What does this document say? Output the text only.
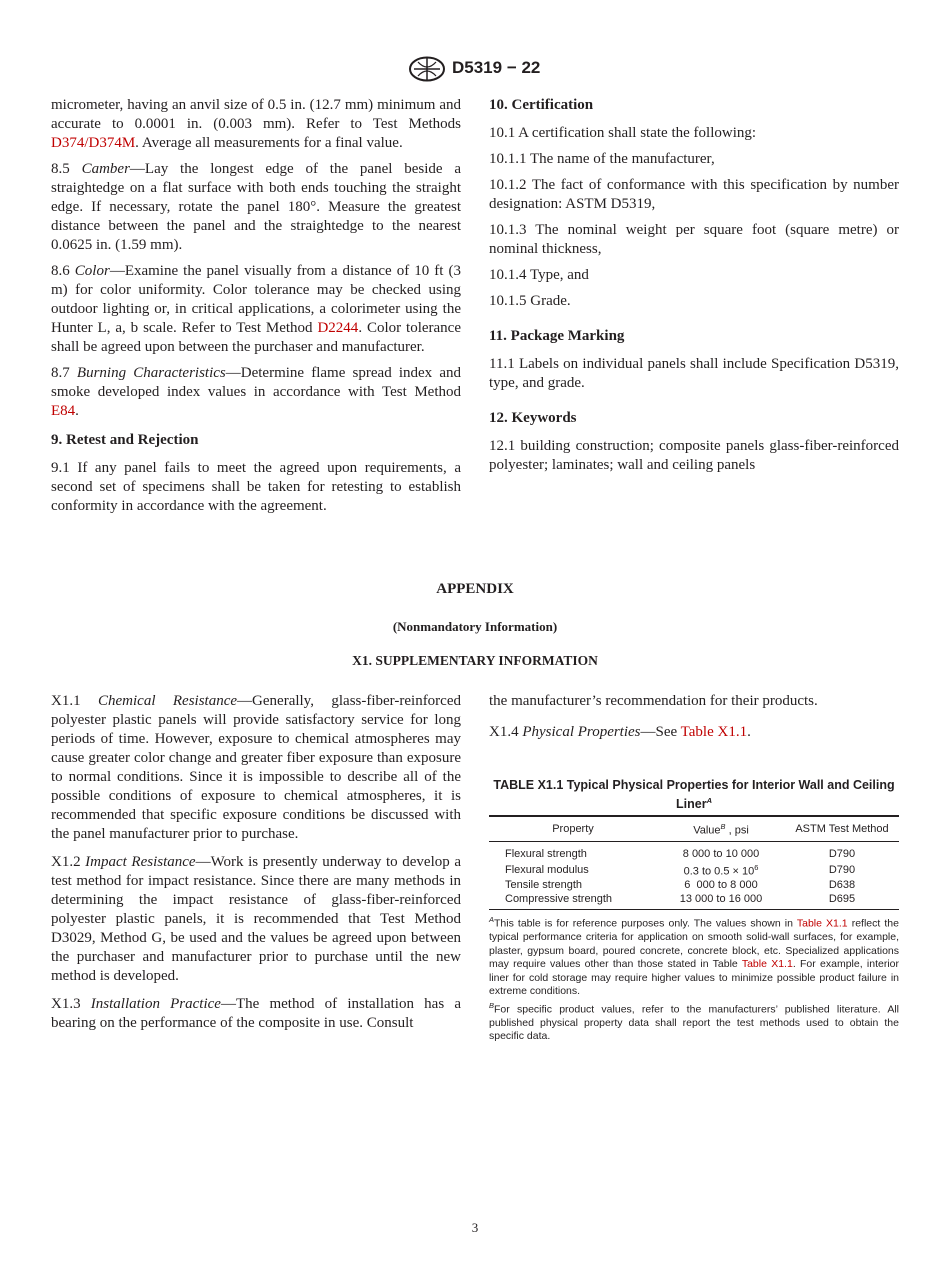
D5319 − 22

micrometer, having an anvil size of 0.5 in. (12.7 mm) minimum and accurate to 0.0001 in. (0.003 mm). Refer to Test Methods D374/D374M. Average all measurements for a final value.

8.5 Camber—Lay the longest edge of the panel beside a straightedge on a flat surface with both ends touching the straight edge. If necessary, rotate the panel 180°. Measure the greatest distance between the panel and the straightedge to the nearest 0.0625 in. (1.59 mm).

8.6 Color—Examine the panel visually from a distance of 10 ft (3 m) for color uniformity. Color tolerance may be checked using outdoor lighting or, in critical applications, a colorimeter using the Hunter L, a, b scale. Refer to Test Method D2244. Color tolerance shall be agreed upon between the purchaser and manufacturer.

8.7 Burning Characteristics—Determine flame spread index and smoke developed index values in accordance with Test Method E84.

9. Retest and Rejection

9.1 If any panel fails to meet the agreed upon requirements, a second set of specimens shall be taken for retesting to establish conformity in accordance with the agreement.

10. Certification

10.1 A certification shall state the following:

10.1.1 The name of the manufacturer,

10.1.2 The fact of conformance with this specification by number designation: ASTM D5319,

10.1.3 The nominal weight per square foot (square metre) or nominal thickness,

10.1.4 Type, and

10.1.5 Grade.

11. Package Marking

11.1 Labels on individual panels shall include Specification D5319, type, and grade.

12. Keywords

12.1 building construction; composite panels glass-fiber-reinforced polyester; laminates; wall and ceiling panels

APPENDIX
(Nonmandatory Information)
X1. SUPPLEMENTARY INFORMATION

X1.1 Chemical Resistance—Generally, glass-fiber-reinforced polyester plastic panels will provide satisfactory service for long periods of time. However, exposure to chemical atmospheres may cause greater color change and greater fiber exposure than exposure to normal conditions. Since it is impossible to describe all of the possible conditions of exposure to chemical atmospheres, it is recommended that specific exposure conditions be discussed with the panel manufacturer prior to purchase.

X1.2 Impact Resistance—Work is presently underway to develop a test method for impact resistance. Since there are many methods in determining the impact resistance of glass-fiber-reinforced polyester plastic panels, it is recommended that Test Method D3029, Method G, be used and the values be agreed upon between the purchaser and manufacturer prior to purchase until the new method is developed.

X1.3 Installation Practice—The method of installation has a bearing on the performance of the composite in use. Consult

the manufacturer’s recommendation for their products.

X1.4 Physical Properties—See Table X1.1.

TABLE X1.1 Typical Physical Properties for Interior Wall and Ceiling Liner$^A$
Property	Value$^B$ , psi	ASTM Test Method
Flexural strength	8 000 to 10 000	D790
Flexural modulus	0.3 to $0.5 \times 10^6$	D790
Tensile strength	6  000 to 8 000	D638
Compressive strength	13 000 to 16 000	D695

$^A$This table is for reference purposes only. The values shown in Table X1.1 reflect the typical performance criteria for application on smooth solid-wall surfaces, for example, plaster, gypsum board, poured concrete, concrete block, etc. Specialized applications may require values other than those stated in Table Table X1.1. For example, interior liner for cold storage may require higher values to minimize possible product failure in extreme conditions.

$^B$For specific product values, refer to the manufacturers’ published literature. All published physical property data shall report the test methods used to obtain the specific data.

3
